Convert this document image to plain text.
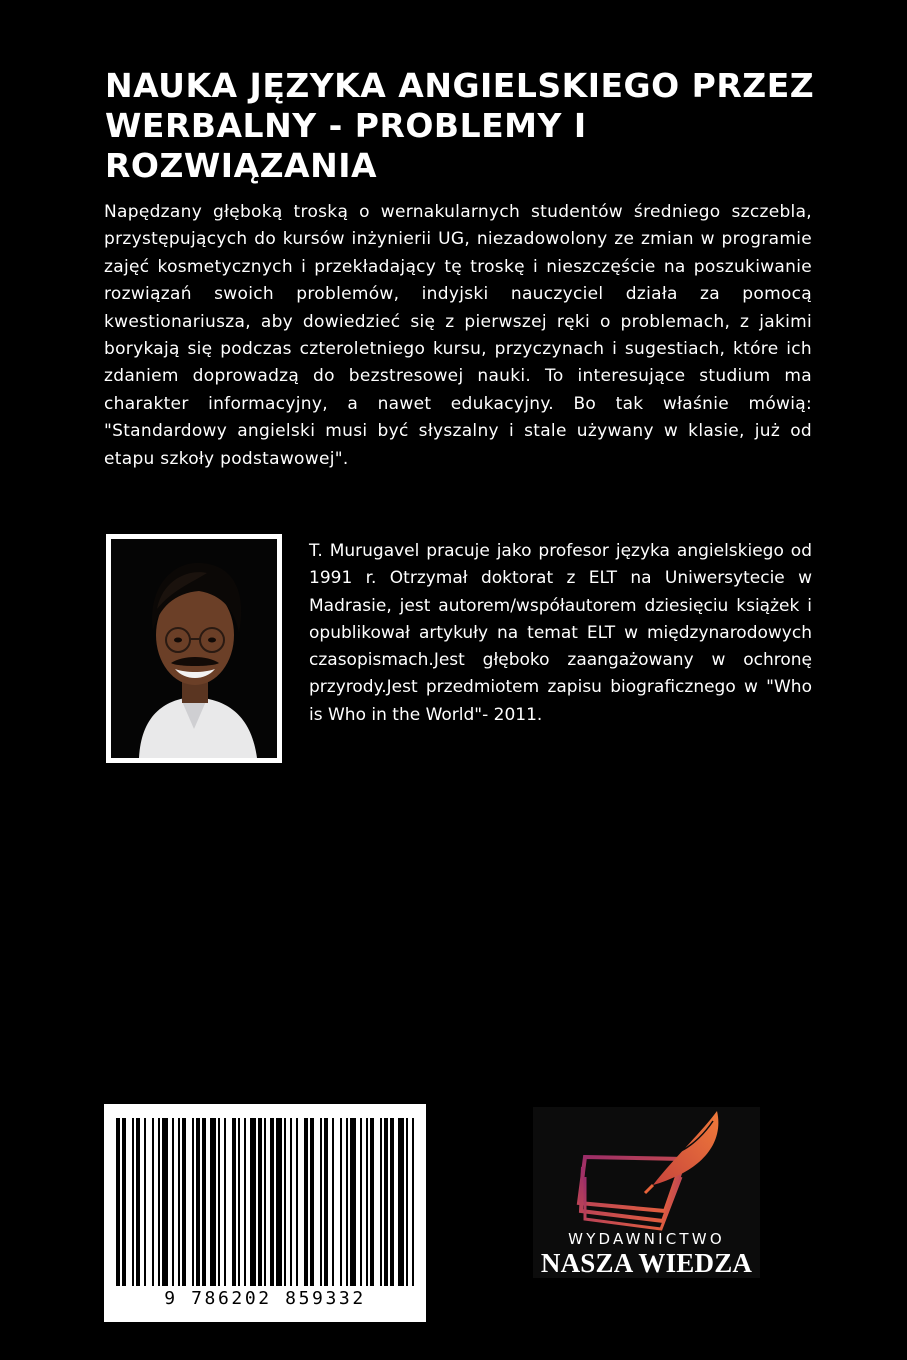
NAUKA JĘZYKA ANGIELSKIEGO PRZEZ WERBALNY - PROBLEMY I ROZWIĄZANIA

Napędzany głęboką troską o wernakularnych studentów średniego szczebla, przystępujących do kursów inżynierii UG, niezadowolony ze zmian w programie zajęć kosmetycznych i przekładający tę troskę i nieszczęście na poszukiwanie rozwiązań swoich problemów, indyjski nauczyciel działa za pomocą kwestionariusza, aby dowiedzieć się z pierwszej ręki o problemach, z jakimi borykają się podczas czteroletniego kursu, przyczynach i sugestiach, które ich zdaniem doprowadzą do bezstresowej nauki. To interesujące studium ma charakter informacyjny, a nawet edukacyjny. Bo tak właśnie mówią: "Standardowy angielski musi być słyszalny i stale używany w klasie, już od etapu szkoły podstawowej".

T. Murugavel pracuje jako profesor języka angielskiego od 1991 r. Otrzymał doktorat z ELT na Uniwersytecie w Madrasie, jest autorem/współautorem dziesięciu książek i opublikował artykuły na temat ELT w międzynarodowych czasopismach.Jest głęboko zaangażowany w ochronę przyrody.Jest przedmiotem zapisu biograficznego w "Who is Who in the World"- 2011.

9 786202 859332
WYDAWNICTWO
NASZA WIEDZA
